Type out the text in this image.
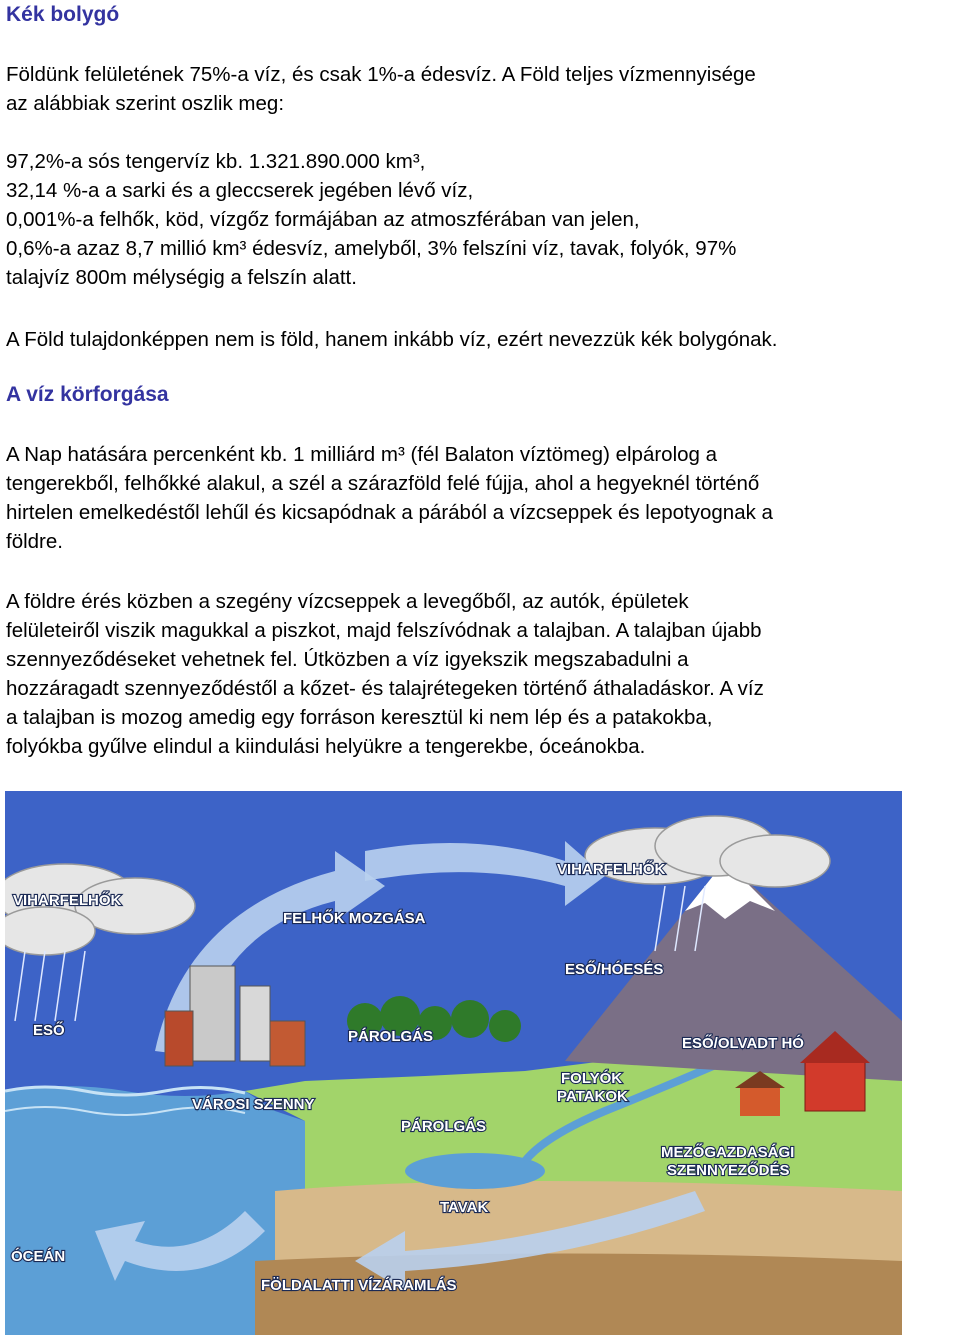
Kék bolygó
Földünk felületének 75%-a víz, és csak 1%-a édesvíz. A Föld teljes vízmennyisége
az alábbiak szerint oszlik meg:
97,2%-a sós tengervíz kb. 1.321.890.000 km³,
32,14 %-a a sarki és a gleccserek jegében lévő víz,
0,001%-a felhők, köd, vízgőz formájában az atmoszférában van jelen,
0,6%-a azaz 8,7 millió km³ édesvíz, amelyből, 3% felszíni víz, tavak, folyók, 97%
talajvíz 800m mélységig a felszín alatt.
A Föld tulajdonképpen nem is föld, hanem inkább víz, ezért nevezzük kék bolygónak.
A víz körforgása
A Nap hatására percenként kb. 1 milliárd m³ (fél Balaton víztömeg) elpárolog a
tengerekből, felhőkké alakul, a szél a szárazföld felé fújja, ahol a hegyeknél történő
hirtelen emelkedéstől lehűl és kicsapódnak a párából a vízcseppek és lepotyognak a
földre.
A földre érés közben a szegény vízcseppek a levegőből, az autók, épületek
felületeiről viszik magukkal a piszkot, majd felszívódnak a talajban. A talajban újabb
szennyeződéseket vehetnek fel. Útközben a víz igyekszik megszabadulni a
hozzáragadt szennyeződéstől a kőzet- és talajrétegeken történő áthaladáskor. A víz
a talajban is mozog amedig egy forráson keresztül ki nem lép és a patakokba,
folyókba gyűlve elindul a kiindulási helyükre a tengerekbe, óceánokba.
VIHARFELHŐK
FELHŐK MOZGÁSA
VIHARFELHŐK
ESŐ/HÓESÉS
ESŐ	PÁROLGÁS	ESŐ/OLVADT HÓ
FOLYÓK
PATAKOK
VÁROSI SZENNY
PÁROLGÁS
MEZŐGAZDASÁGI
SZENNYEZŐDÉS
TAVAK
ÓCEÁN
FÖLDALATTI VÍZÁRAMLÁS
